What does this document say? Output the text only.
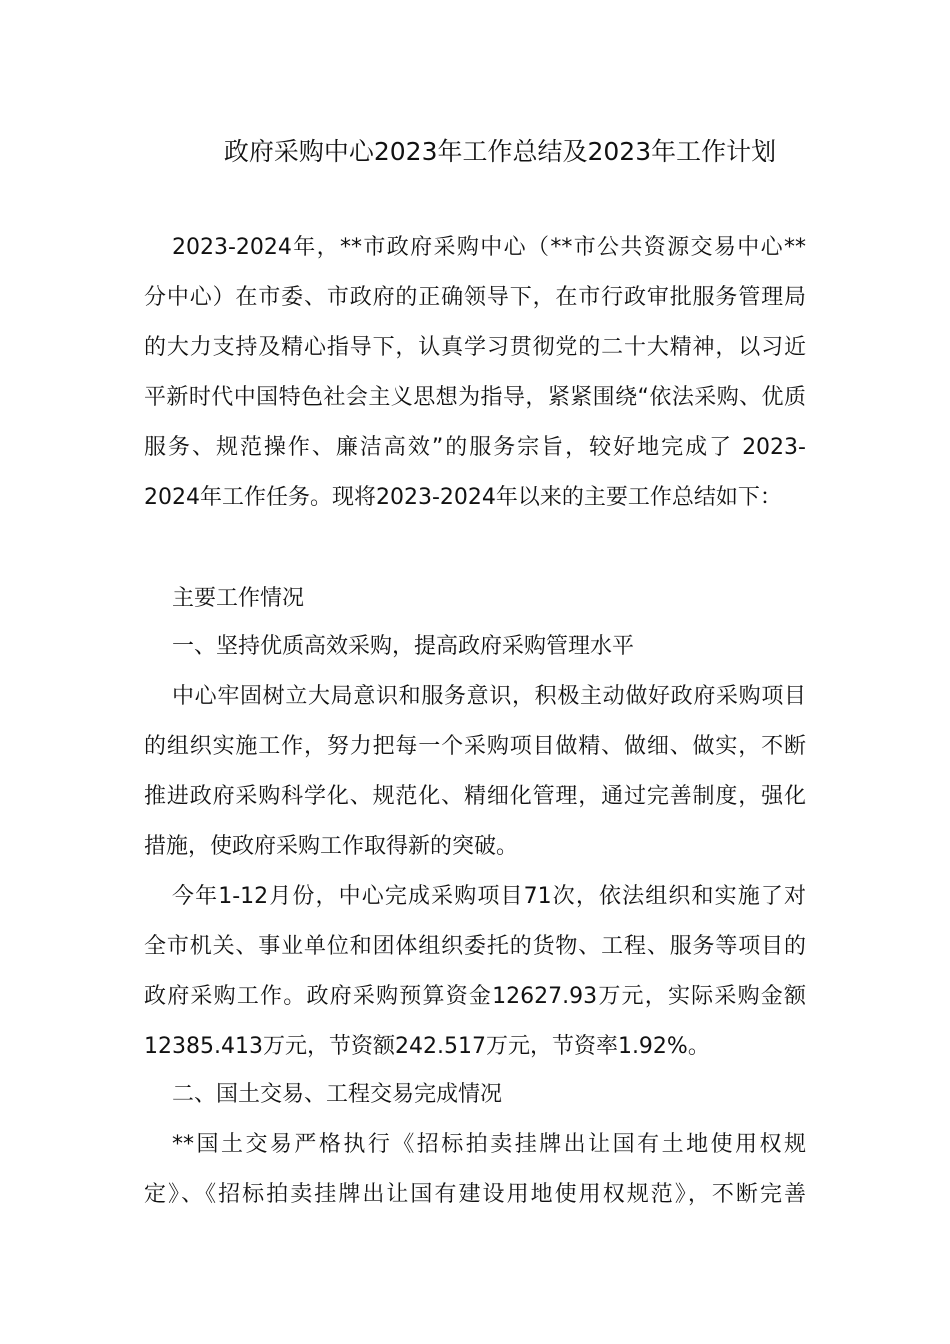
政府采购中心2023年工作总结及2023年工作计划
2023-2024年，**市政府采购中心（**市公共资源交易中心**
分中心）在市委、市政府的正确领导下，在市行政审批服务管理局
的大力支持及精心指导下，认真学习贯彻党的二十大精神，以习近
平新时代中国特色社会主义思想为指导，紧紧围绕“依法采购、优质
服务、规范操作、廉洁高效”的服务宗旨，较好地完成了 2023-
2024年工作任务。现将2023-2024年以来的主要工作总结如下：
主要工作情况
一、坚持优质高效采购，提高政府采购管理水平
中心牢固树立大局意识和服务意识，积极主动做好政府采购项目
的组织实施工作，努力把每一个采购项目做精、做细、做实，不断
推进政府采购科学化、规范化、精细化管理，通过完善制度，强化
措施，使政府采购工作取得新的突破。
今年1-12月份，中心完成采购项目71次，依法组织和实施了对
全市机关、事业单位和团体组织委托的货物、工程、服务等项目的
政府采购工作。政府采购预算资金12627.93万元，实际采购金额
12385.413万元，节资额242.517万元，节资率1.92%。
二、国土交易、工程交易完成情况
**国土交易严格执行《招标拍卖挂牌出让国有土地使用权规
定》、《招标拍卖挂牌出让国有建设用地使用权规范》，不断完善
